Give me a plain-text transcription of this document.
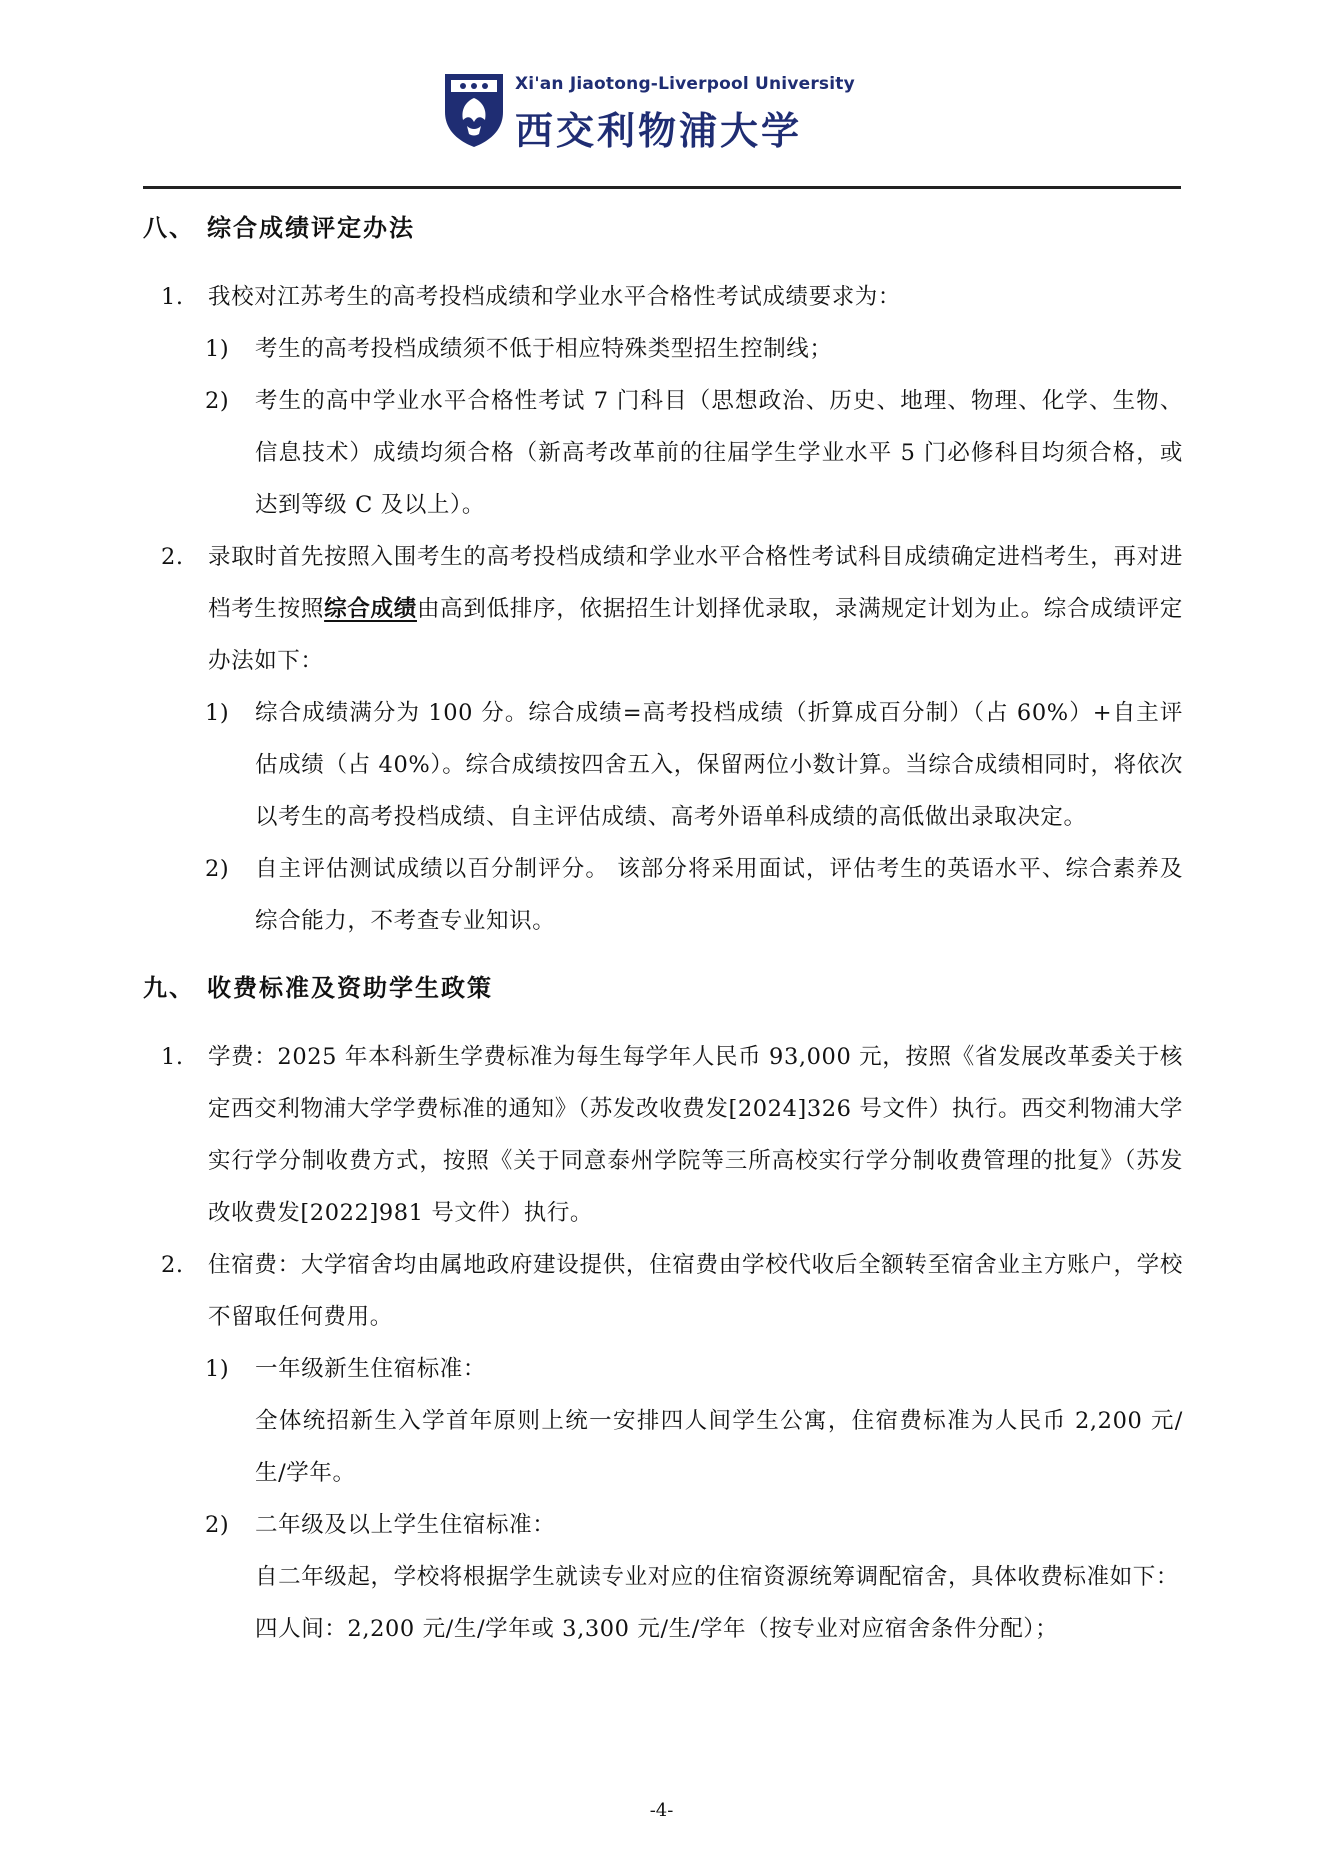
Xi'an Jiaotong-Liverpool University
西交利物浦大学
八、 综合成绩评定办法
1. 我校对江苏考生的高考投档成绩和学业水平合格性考试成绩要求为：
1) 考生的高考投档成绩须不低于相应特殊类型招生控制线；
2) 考生的高中学业水平合格性考试 7 门科目（思想政治、历史、地理、物理、化学、生物、信息技术）成绩均须合格（新高考改革前的往届学生学业水平 5 门必修科目均须合格，或达到等级 C 及以上）。
2. 录取时首先按照入围考生的高考投档成绩和学业水平合格性考试科目成绩确定进档考生，再对进档考生按照综合成绩由高到低排序，依据招生计划择优录取，录满规定计划为止。综合成绩评定办法如下：
1) 综合成绩满分为 100 分。综合成绩=高考投档成绩（折算成百分制）（占 60%）+自主评估成绩（占 40%）。综合成绩按四舍五入，保留两位小数计算。当综合成绩相同时，将依次以考生的高考投档成绩、自主评估成绩、高考外语单科成绩的高低做出录取决定。
2) 自主评估测试成绩以百分制评分。 该部分将采用面试，评估考生的英语水平、综合素养及综合能力，不考查专业知识。
九、 收费标准及资助学生政策
1. 学费：2025 年本科新生学费标准为每生每学年人民币 93,000 元，按照《省发展改革委关于核定西交利物浦大学学费标准的通知》（苏发改收费发[2024]326 号文件）执行。西交利物浦大学实行学分制收费方式，按照《关于同意泰州学院等三所高校实行学分制收费管理的批复》（苏发改收费发[2022]981 号文件）执行。
2. 住宿费：大学宿舍均由属地政府建设提供，住宿费由学校代收后全额转至宿舍业主方账户，学校不留取任何费用。
1) 一年级新生住宿标准：
全体统招新生入学首年原则上统一安排四人间学生公寓，住宿费标准为人民币 2,200 元/生/学年。
2) 二年级及以上学生住宿标准：
自二年级起，学校将根据学生就读专业对应的住宿资源统筹调配宿舍，具体收费标准如下：
四人间：2,200 元/生/学年或 3,300 元/生/学年（按专业对应宿舍条件分配）；
-4-
